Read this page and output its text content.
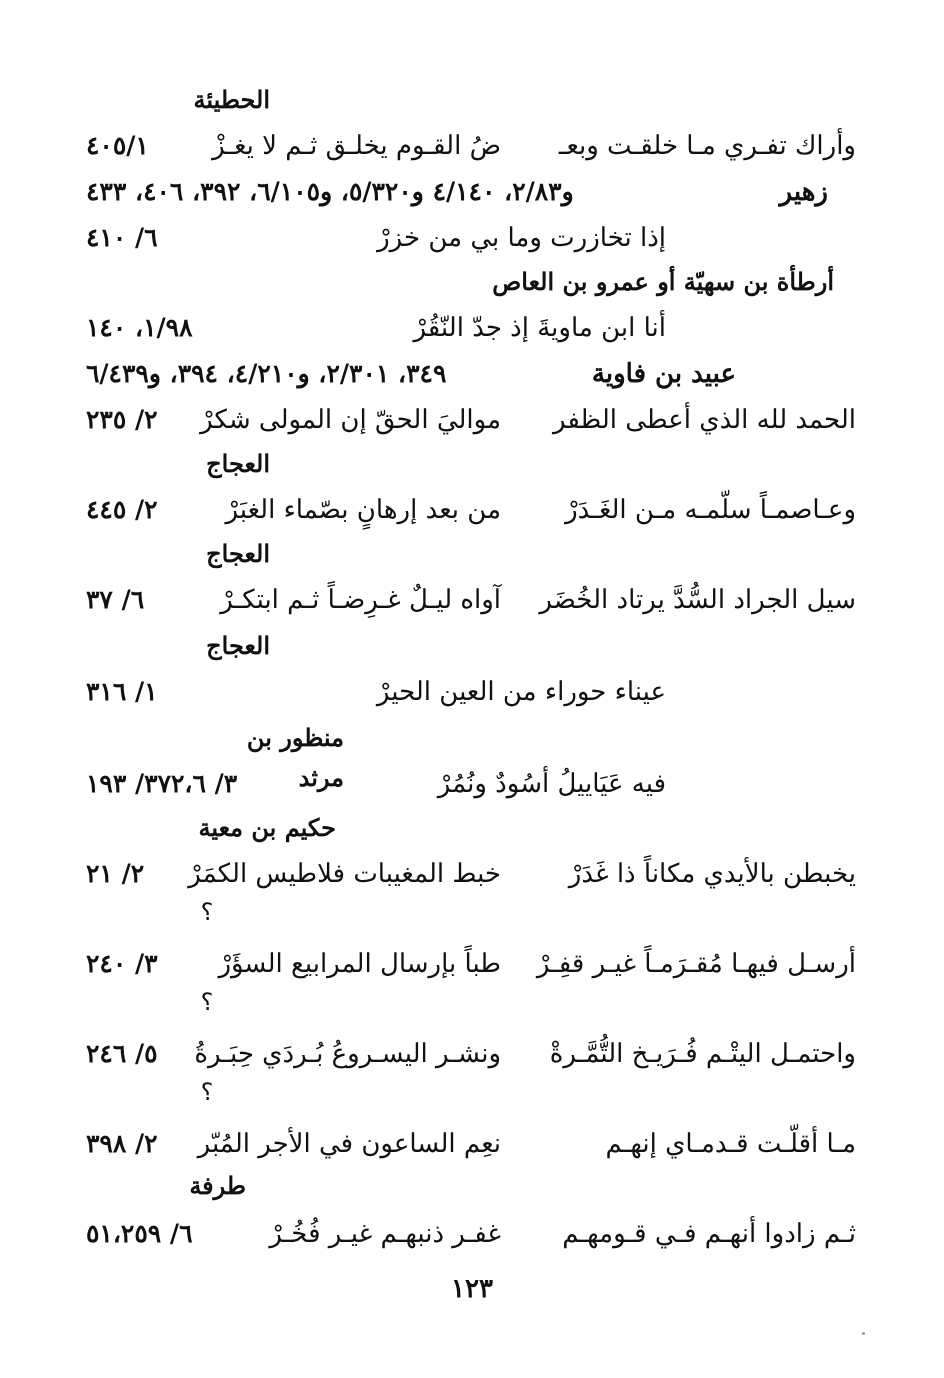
الحطيئة
وأراك تفـري مـا خلقـت وبعـ
ضُ القـوم يخلـق ثـم لا يغـزْ
٤٠٥/١
زهير
و٢/٨٣، ٤/١٤٠ و٥/٣٢٠، و٦/١٠٥، ٣٩٢، ٤٠٦، ٤٣٣
إذا تخازرت وما بي من خزرْ
٦/ ٤١٠
أرطأة بن سهيّة أو عمرو بن العاص
أنا ابن ماويةَ إذ جدّ النّقُرْ
١/٩٨، ١٤٠
عبيد بن فاوية
٣٤٩، ٢/٣٠١، و٤/٢١٠، ٣٩٤، و٦/٤٣٩
الحمد لله الذي أعطى الظفر
مواليَ الحقّ إن المولى شكرْ
٢/ ٢٣٥
العجاج
وعـاصمـاً سلّمـه مـن الغَـدَرْ
من بعد إرهانٍ بصّماء الغبَرْ
٢/ ٤٤٥
العجاج
سيل الجراد السُّدَّ يرتاد الخُضَر
آواه ليـلٌ غـرِضـاً ثـم ابتكـرْ
٦/ ٣٧
العجاج
عيناء حوراء من العين الحيرْ
١/ ٣١٦
منظور بن مرثد	فيه عَيَاييلُ أسُودٌ ونُمُرْ
٣/ ٣٧٢،٦/ ١٩٣
حكيم بن معية
يخبطن بالأيدي مكاناً ذا غَدَرْ
خبط المغيبات فلاطيس الكمَرْ
٢/ ٢١
؟
أرسـل فيهـا مُقـرَمـاً غيـر قفِـرْ
طباً بإرسال المرابيع السؤَرْ
٣/ ٢٤٠
؟
واحتمـل اليتْـم فُـرَيـخ التُّمَّـرةْ
ونشـر اليسـروعُ بُـردَي حِبَـرةُ
٥/ ٢٤٦
؟
مـا أقلّـت قـدمـاي إنهـم
نعِم الساعون في الأجر المُبّر
٢/ ٣٩٨
طرفة
ثـم زادوا أنهـم فـي قـومهـم
غفـر ذنبهـم غيـر فُخُـرْ
٦/ ٥١،٢٥٩
١٢٣
